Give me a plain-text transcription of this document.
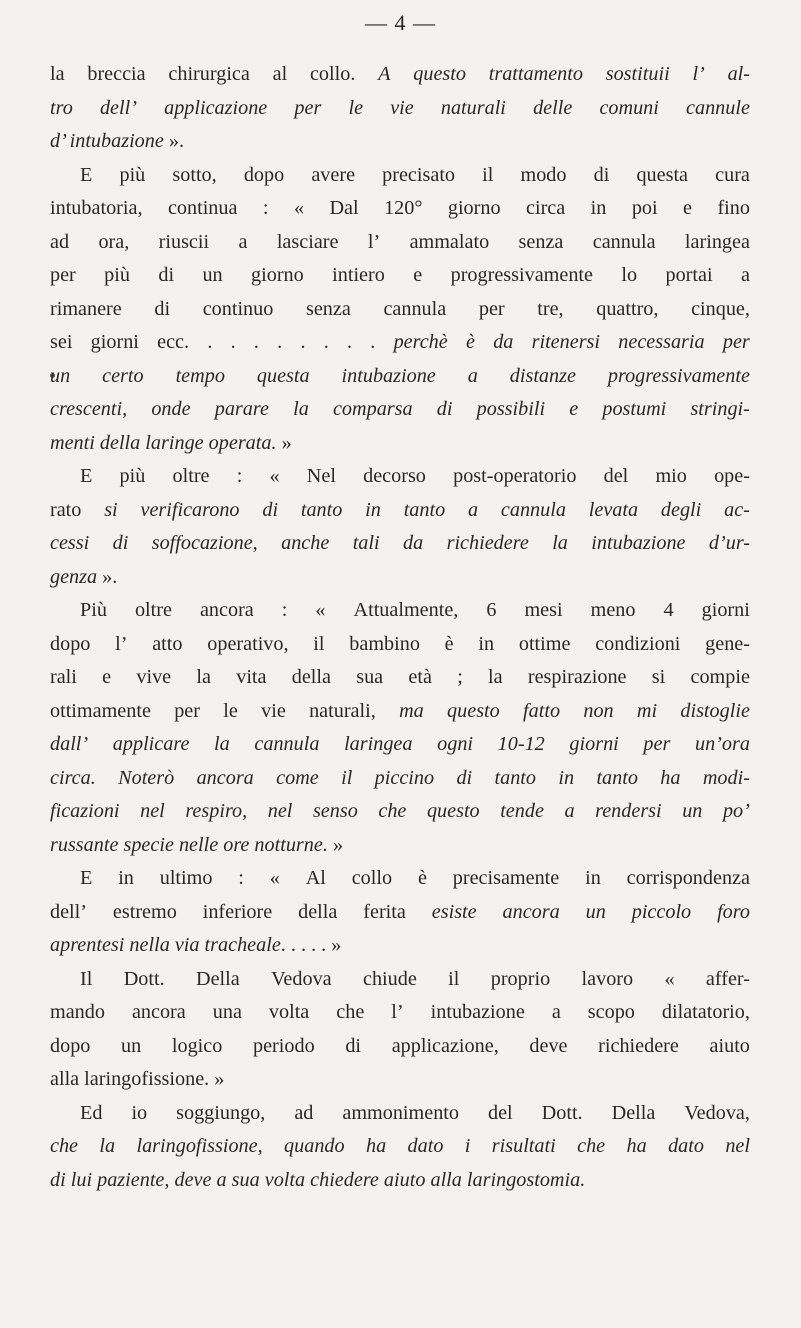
— 4 —
la breccia chirurgica al collo. A questo trattamento sostituii l’ al-
tro dell’ applicazione per le vie naturali delle comuni cannule
d’ intubazione ».
E più sotto, dopo avere precisato il modo di questa cura
intubatoria, continua : « Dal 120° giorno circa in poi e fino
ad ora, riuscii a lasciare l’ ammalato senza cannula laringea
per più di un giorno intiero e progressivamente lo portai a
rimanere di continuo senza cannula per tre, quattro, cinque,
sei giorni ecc. . . . . . . . . perchè è da ritenersi necessaria per
un certo tempo questa intubazione a distanze progressivamente
crescenti, onde parare la comparsa di possibili e postumi stringi-
menti della laringe operata. »
E più oltre : « Nel decorso post-operatorio del mio ope-
rato si verificarono di tanto in tanto a cannula levata degli ac-
cessi di soffocazione, anche tali da richiedere la intubazione d’ur-
genza ».
Più oltre ancora : « Attualmente, 6 mesi meno 4 giorni
dopo l’ atto operativo, il bambino è in ottime condizioni gene-
rali e vive la vita della sua età ; la respirazione si compie
ottimamente per le vie naturali, ma questo fatto non mi distoglie
dall’ applicare la cannula laringea ogni 10-12 giorni per un’ora
circa. Noterò ancora come il piccino di tanto in tanto ha modi-
ficazioni nel respiro, nel senso che questo tende a rendersi un po’
russante specie nelle ore notturne. »
E in ultimo : « Al collo è precisamente in corrispondenza
dell’ estremo inferiore della ferita esiste ancora un piccolo foro
aprentesi nella via tracheale . . . . . »
Il Dott. Della Vedova chiude il proprio lavoro « affer-
mando ancora una volta che l’ intubazione a scopo dilatatorio,
dopo un logico periodo di applicazione, deve richiedere aiuto
alla laringofissione. »
Ed io soggiungo, ad ammonimento del Dott. Della Vedova,
che la laringofissione, quando ha dato i risultati che ha dato nel
di lui paziente, deve a sua volta chiedere aiuto alla laringostomia.
